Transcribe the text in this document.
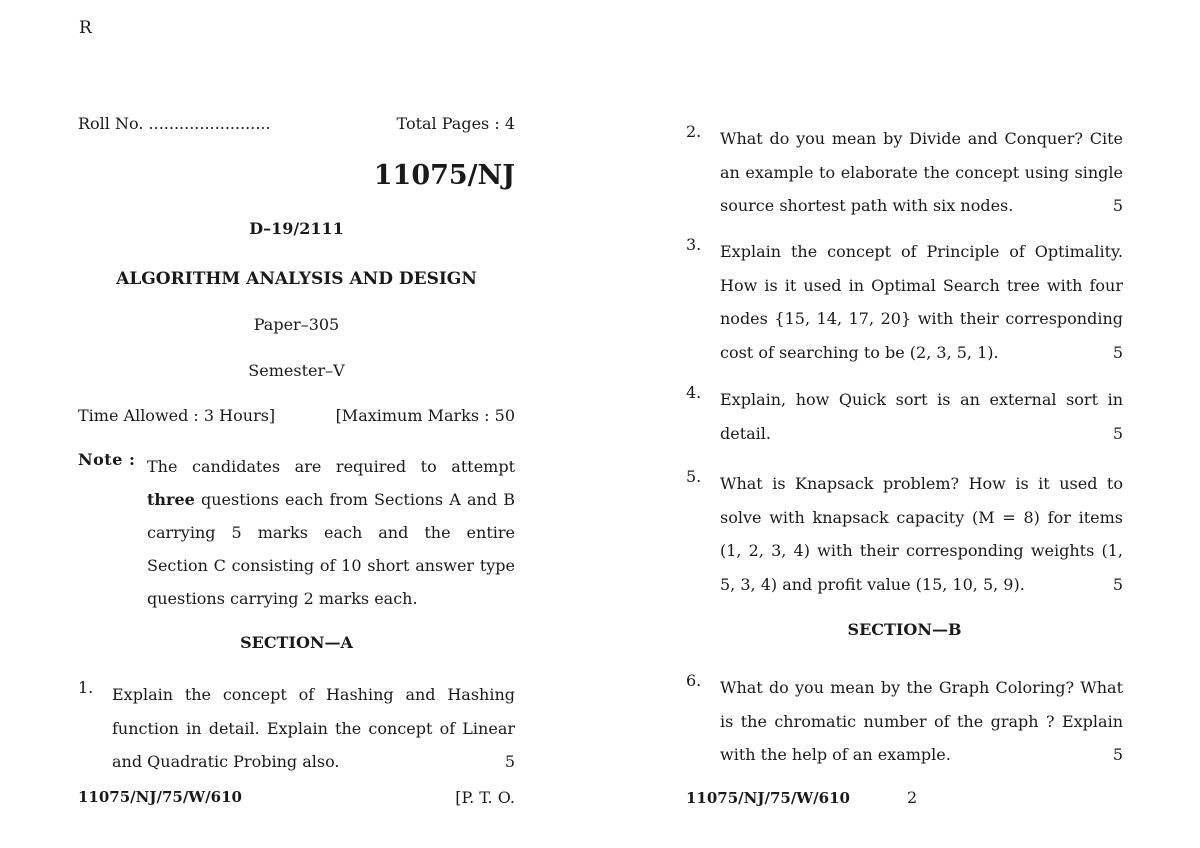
R
Roll No. ........................	Total Pages : 4
11075/NJ
D–19/2111
ALGORITHM ANALYSIS AND DESIGN
Paper–305
Semester–V
Time Allowed : 3 Hours]	[Maximum Marks : 50
Note : The candidates are required to attempt three questions each from Sections A and B carrying 5 marks each and the entire Section C consisting of 10 short answer type questions carrying 2 marks each.
SECTION—A
1. Explain the concept of Hashing and Hashing function in detail. Explain the concept of Linear and Quadratic Probing also.	5
11075/NJ/75/W/610	[P. T. O.
2. What do you mean by Divide and Conquer? Cite an example to elaborate the concept using single source shortest path with six nodes.	5
3. Explain the concept of Principle of Optimality. How is it used in Optimal Search tree with four nodes {15, 14, 17, 20} with their corresponding cost of searching to be (2, 3, 5, 1).	5
4. Explain, how Quick sort is an external sort in detail.	5
5. What is Knapsack problem? How is it used to solve with knapsack capacity (M = 8) for items (1, 2, 3, 4) with their corresponding weights (1, 5, 3, 4) and profit value (15, 10, 5, 9).	5
SECTION—B
6. What do you mean by the Graph Coloring? What is the chromatic number of the graph ? Explain with the help of an example.	5
11075/NJ/75/W/610	2
